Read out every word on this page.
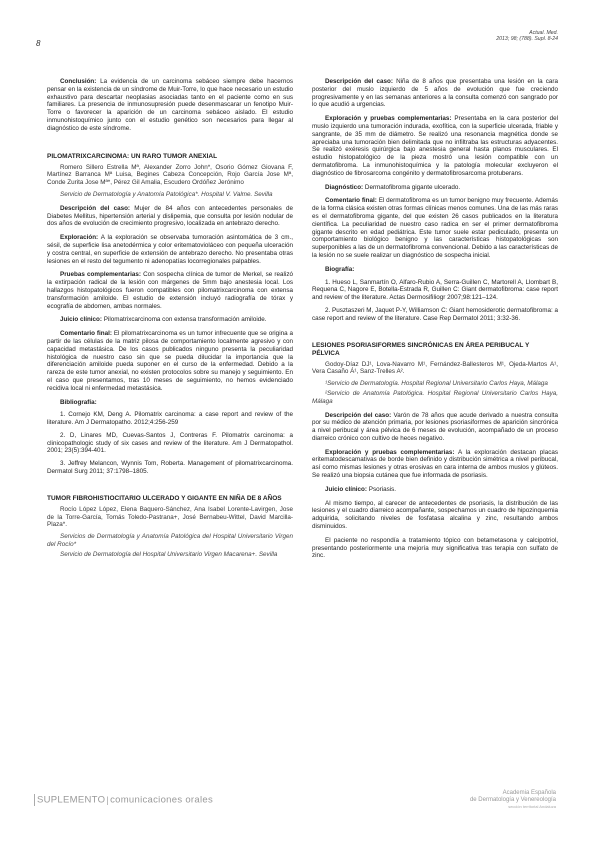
8
Actual. Med.
2013; 98; (788). Supl. 8-24

Conclusión: La evidencia de un carcinoma sebáceo siempre debe hacernos pensar en la existencia de un síndrome de Muir-Torre, lo que hace necesario un estudio exhaustivo para descartar neoplasias asociadas tanto en el paciente como en sus familiares. La presencia de inmunosupresión puede desenmascarar un fenotipo Muir-Torre o favorecer la aparición de un carcinoma sebáceo aislado. El estudio inmunohistoquímico junto con el estudio genético son necesarios para llegar al diagnóstico de este síndrome.

PILOMATRIXCARCINOMA: UN RARO TUMOR ANEXIAL
Romero Sillero Estrella Mª, Alexander Zorro John*, Osorio Gómez Giovana F, Martínez Barranca Mª Luisa, Begines Cabeza Concepción, Rojo García Jose Mª, Conde Zurita Jose Mª*, Pérez Gil Amalia, Escudero Ordóñez Jerónimo
Servicio de Dermatología y Anatomía Patológica*. Hospital V. Valme. Sevilla

Descripción del caso: Mujer de 84 años con antecedentes personales de Diabetes Mellitus, hipertensión arterial y dislipemia, que consulta por lesión nodular de dos años de evolución de crecimiento progresivo, localizada en antebrazo derecho.

Exploración: A la exploración se observaba tumoración asintomática de 3 cm., sésil, de superficie lisa anetodérmica y color eritematovioláceo con pequeña ulceración y costra central, en superficie de extensión de antebrazo derecho. No presentaba otras lesiones en el resto del tegumento ni adenopatías locorregionales palpables.

Pruebas complementarias: Con sospecha clínica de tumor de Merkel, se realizó la extirpación radical de la lesión con márgenes de 5mm bajo anestesia local. Los hallazgos histopatológicos fueron compatibles con pilomatrixcarcinoma con extensa transformación amiloide. El estudio de extensión incluyó radiografía de tórax y ecografía de abdomen, ambas normales.

Juicio clínico: Pilomatrixcarcinoma con extensa transformación amiloide.

Comentario final: El pilomatrixcarcinoma es un tumor infrecuente que se origina a partir de las células de la matriz pilosa de comportamiento localmente agresivo y con capacidad metastásica. De los casos publicados ninguno presenta la peculiaridad histológica de nuestro caso sin que se pueda dilucidar la importancia que la diferenciación amiloide pueda suponer en el curso de la enfermedad. Debido a la rareza de este tumor anexial, no existen protocolos sobre su manejo y seguimiento. En el caso que presentamos, tras 10 meses de seguimiento, no hemos evidenciado recidiva local ni enfermedad metastásica.

Bibliografía:

1. Cornejo KM, Deng A. Pilomatrix carcinoma: a case report and review of the literature. Am J Dermatopatho. 2012;4:256-259

2. D, Linares MD, Cuevas-Santos J, Contreras F. Pilomatrix carcinoma: a clinicopathologic study of six cases and review of the literature. Am J Dermatopathol. 2001; 23(5):394-401.

3. Jeffrey Melancon, Wynnis Tom, Roberta. Management of pilomatrixcarcinoma. Dermatol Surg 2011; 37:1798–1805.

TUMOR FIBROHISTIOCITARIO ULCERADO Y GIGANTE EN NIÑA DE 8 AÑOS
Rocío López López, Elena Baquero-Sánchez, Ana Isabel Lorente-Lavirgen, Jose de la Torre-García, Tomás Toledo-Pastrana+, José Bernabeu-Wittel, David Marcilla-Plaza*.
Servicios de Dermatología y Anatomía Patológica del Hospital Universitario Virgen del Rocío*
Servicio de Dermatología del Hospital Universitario Virgen Macarena+. Sevilla

Descripción del caso: Niña de 8 años que presentaba una lesión en la cara posterior del muslo izquierdo de 5 años de evolución que fue creciendo progresivamente y en las semanas anteriores a la consulta comenzó con sangrado por lo que acudió a urgencias.

Exploración y pruebas complementarias: Presentaba en la cara posterior del muslo izquierdo una tumoración indurada, exofítica, con la superficie ulcerada, friable y sangrante, de 35 mm de diámetro. Se realizó una resonancia magnética donde se apreciaba una tumoración bien delimitada que no infiltraba las estructuras adyacentes. Se realizó exéresis quirúrgica bajo anestesia general hasta planos musculares. El estudio histopatológico de la pieza mostró una lesión compatible con un dermatofibroma. La inmunohistoquímica y la patología molecular excluyeron el diagnóstico de fibrosarcoma congénito y dermatofibrosarcoma protuberans.

Diagnóstico: Dermatofibroma gigante ulcerado.

Comentario final: El dermatofibroma es un tumor benigno muy frecuente. Además de la forma clásica existen otras formas clínicas menos comunes. Una de las más raras es el dermatofibroma gigante, del que existen 26 casos publicados en la literatura científica. La peculiaridad de nuestro caso radica en ser el primer dermatofibroma gigante descrito en edad pediátrica. Este tumor suele estar pediculado, presenta un comportamiento biológico benigno y las características histopatológicas son superponibles a las de un dermatofibroma convencional. Debido a las características de la lesión no se suele realizar un diagnóstico de sospecha inicial.

Biografía:

1. Hueso L, Sanmartín O, Alfaro-Rubio A, Serra-Guillen C, Martorell A, Llombart B, Requena C, Nagore E, Botella-Estrada R, Guillen C: Giant dermatofibroma: case report and review of the literature. Actas Dermosifiliogr 2007;98:121–124.

2. Pusztaszeri M, Jaquet P-Y, Williamson C: Giant hemosiderotic dermatofibroma: a case report and review of the literature. Case Rep Dermatol 2011; 3:32-36.

LESIONES PSORIASIFORMES SINCRÓNICAS EN ÁREA PERIBUCAL Y PÉLVICA
Godoy-Díaz DJ¹, Lova-Navarro M¹, Fernández-Ballesteros M¹, Ojeda-Martos A¹, Vera Casaño Á¹, Sanz-Trelles A².
¹Servicio de Dermatología. Hospital Regional Universitario Carlos Haya, Málaga
²Servicio de Anatomía Patológica. Hospital Regional Universitario Carlos Haya, Málaga

Descripción del caso: Varón de 78 años que acude derivado a nuestra consulta por su médico de atención primaria, por lesiones psoriasiformes de aparición sincrónica a nivel peribucal y área pélvica de 6 meses de evolución, acompañado de un proceso diarreico crónico con cultivo de heces negativo.

Exploración y pruebas complementarias: A la exploración destacan placas eritematodescamativas de borde bien definido y distribución simétrica a nivel peribucal, así como mismas lesiones y otras erosivas en cara interna de ambos muslos y glúteos. Se realizó una biopsia cutánea que fue informada de psoriasis.

Juicio clínico: Psoriasis.

Al mismo tiempo, al carecer de antecedentes de psoriasis, la distribución de las lesiones y el cuadro diarreico acompañante, sospechamos un cuadro de hipozinquemia adquirida, solicitando niveles de fosfatasa alcalina y zinc, resultando ambos disminuidos.

El paciente no respondía a tratamiento tópico con betametasona y calcipotriol, presentando posteriormente una mejoría muy significativa tras terapia con sulfato de zinc.

SUPLEMENTO|comunicaciones orales
Academia Española
de Dermatología y Venereología
sección territorial Andaluza
